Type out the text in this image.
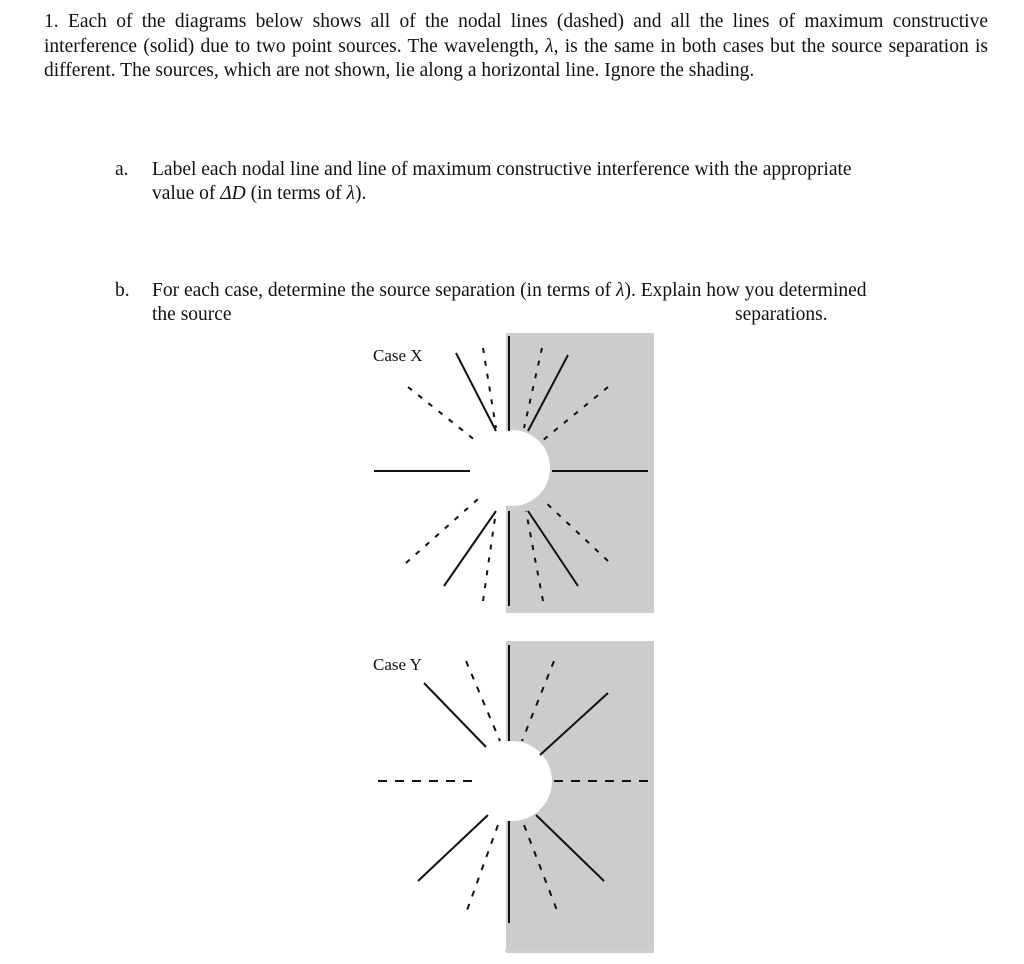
1. Each of the diagrams below shows all of the nodal lines (dashed) and all the lines of maximum constructive interference (solid) due to two point sources. The wavelength, λ, is the same in both cases but the source separation is different. The sources, which are not shown, lie along a horizontal line. Ignore the shading.
a. Label each nodal line and line of maximum constructive interference with the appropriate
value of ΔD (in terms of λ).
b. For each case, determine the source separation (in terms of λ). Explain how you determined
the source
Case X
Case Y
separations.
